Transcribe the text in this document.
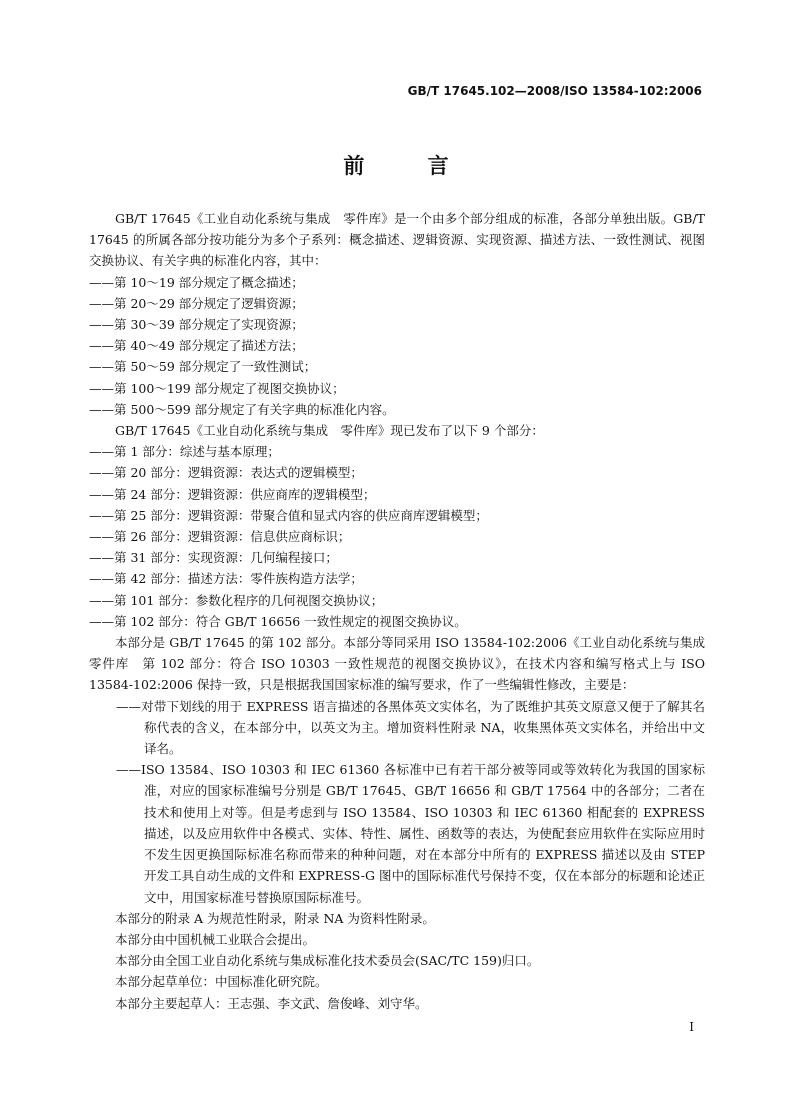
GB/T 17645.102—2008/ISO 13584-102:2006
前 言

GB/T 17645《工业自动化系统与集成　零件库》是一个由多个部分组成的标准，各部分单独出版。GB/T 17645 的所属各部分按功能分为多个子系列：概念描述、逻辑资源、实现资源、描述方法、一致性测试、视图交换协议、有关字典的标准化内容，其中：

——第 10～19 部分规定了概念描述；

——第 20～29 部分规定了逻辑资源；

——第 30～39 部分规定了实现资源；

——第 40～49 部分规定了描述方法；

——第 50～59 部分规定了一致性测试；

——第 100～199 部分规定了视图交换协议；

——第 500～599 部分规定了有关字典的标准化内容。

GB/T 17645《工业自动化系统与集成　零件库》现已发布了以下 9 个部分：

——第 1 部分：综述与基本原理；

——第 20 部分：逻辑资源：表达式的逻辑模型；

——第 24 部分：逻辑资源：供应商库的逻辑模型；

——第 25 部分：逻辑资源：带聚合值和显式内容的供应商库逻辑模型；

——第 26 部分：逻辑资源：信息供应商标识；

——第 31 部分：实现资源：几何编程接口；

——第 42 部分：描述方法：零件族构造方法学；

——第 101 部分：参数化程序的几何视图交换协议；

——第 102 部分：符合 GB/T 16656 一致性规定的视图交换协议。

本部分是 GB/T 17645 的第 102 部分。本部分等同采用 ISO 13584-102:2006《工业自动化系统与集成　零件库　第 102 部分：符合 ISO 10303 一致性规范的视图交换协议》，在技术内容和编写格式上与 ISO 13584-102:2006 保持一致，只是根据我国国家标准的编写要求，作了一些编辑性修改，主要是：

——对带下划线的用于 EXPRESS 语言描述的各黑体英文实体名，为了既维护其英文原意又便于了解其名称代表的含义，在本部分中，以英文为主。增加资料性附录 NA，收集黑体英文实体名，并给出中文译名。

——ISO 13584、ISO 10303 和 IEC 61360 各标准中已有若干部分被等同或等效转化为我国的国家标准，对应的国家标准编号分别是 GB/T 17645、GB/T 16656 和 GB/T 17564 中的各部分；二者在技术和使用上对等。但是考虑到与 ISO 13584、ISO 10303 和 IEC 61360 相配套的 EXPRESS 描述，以及应用软件中各模式、实体、特性、属性、函数等的表达，为使配套应用软件在实际应用时不发生因更换国际标准名称而带来的种种问题，对在本部分中所有的 EXPRESS 描述以及由 STEP 开发工具自动生成的文件和 EXPRESS-G 图中的国际标准代号保持不变，仅在本部分的标题和论述正文中，用国家标准号替换原国际标准号。

本部分的附录 A 为规范性附录，附录 NA 为资料性附录。

本部分由中国机械工业联合会提出。

本部分由全国工业自动化系统与集成标准化技术委员会(SAC/TC 159)归口。

本部分起草单位：中国标准化研究院。

本部分主要起草人：王志强、李文武、詹俊峰、刘守华。

I
